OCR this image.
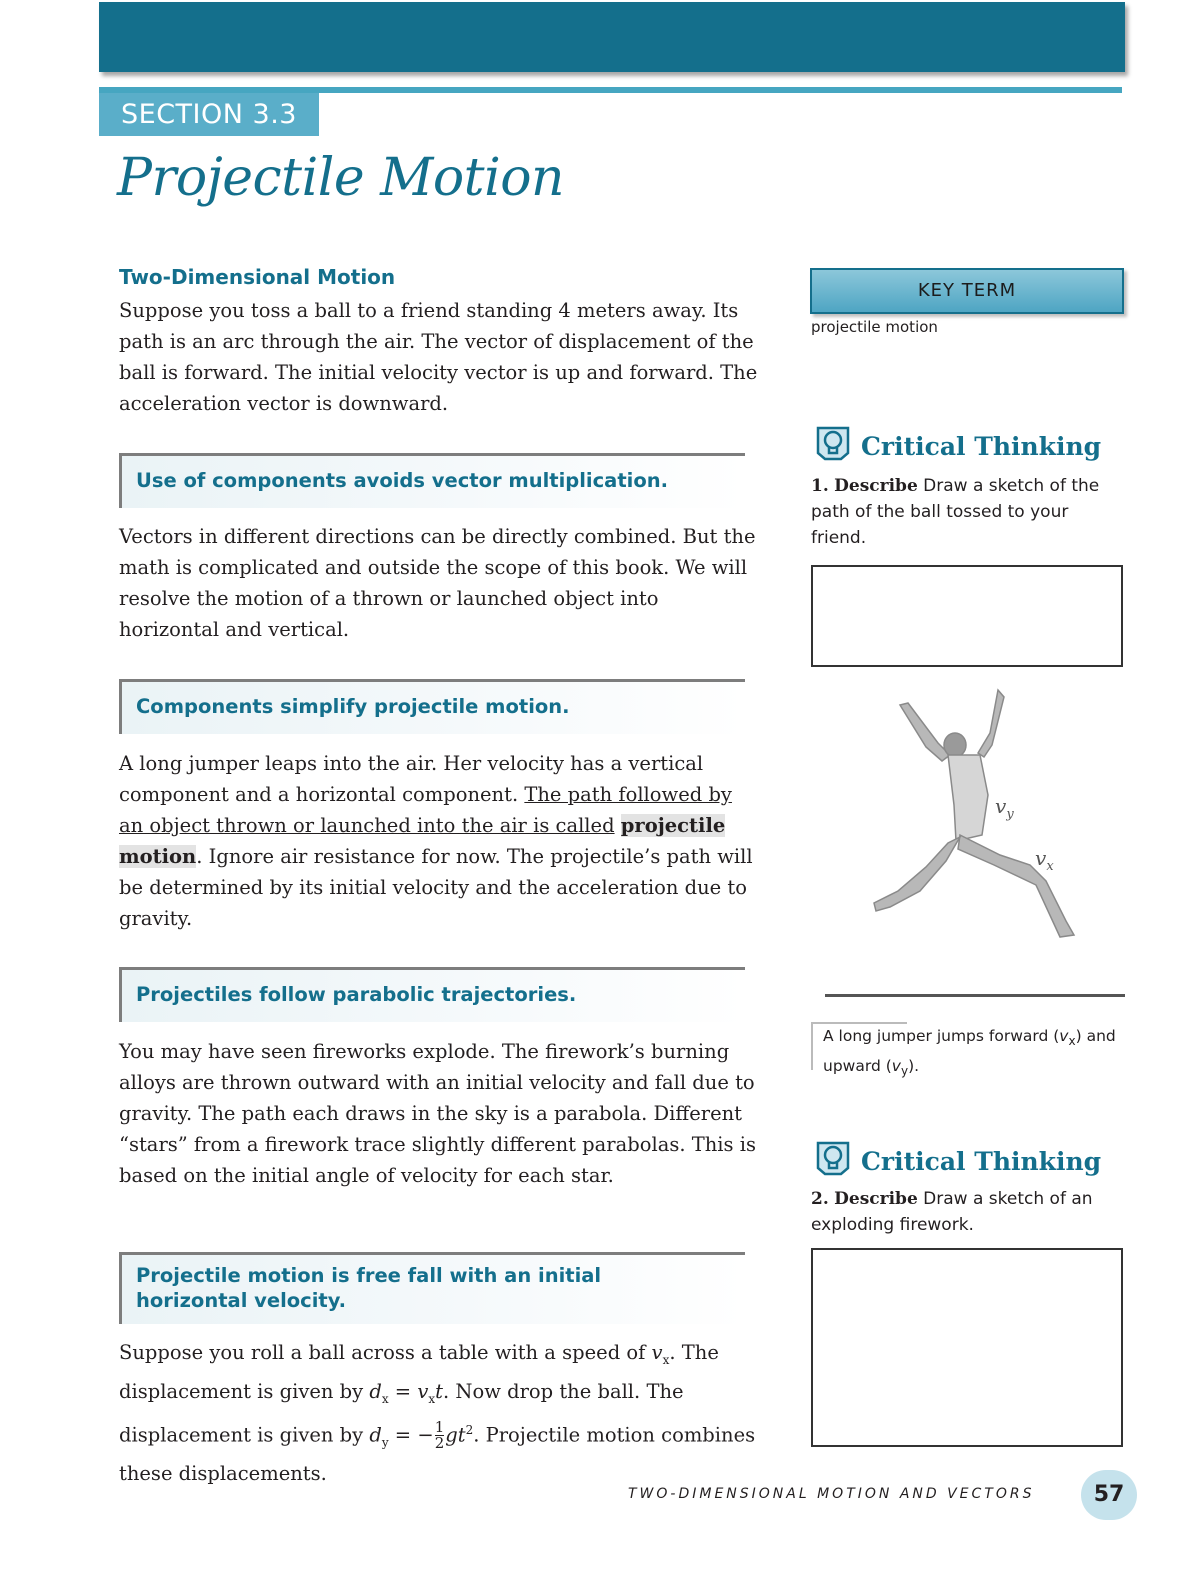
SECTION 3.3
Projectile Motion
Two-Dimensional Motion

Suppose you toss a ball to a friend standing 4 meters away. Its path is an arc through the air. The vector of displacement of the ball is forward. The initial velocity vector is up and forward. The acceleration vector is downward.

Use of components avoids vector multiplication.

Vectors in different directions can be directly combined. But the math is complicated and outside the scope of this book. We will resolve the motion of a thrown or launched object into horizontal and vertical.

Components simplify projectile motion.

A long jumper leaps into the air. Her velocity has a vertical component and a horizontal component. The path followed by an object thrown or launched into the air is called projectile motion. Ignore air resistance for now. The projectile’s path will be determined by its initial velocity and the acceleration due to gravity.

Projectiles follow parabolic trajectories.

You may have seen fireworks explode. The firework’s burning alloys are thrown outward with an initial velocity and fall due to gravity. The path each draws in the sky is a parabola. Different “stars” from a firework trace slightly different parabolas. This is based on the initial angle of velocity for each star.

Projectile motion is free fall with an initial
horizontal velocity.

Suppose you roll a ball across a table with a speed of $v_x$. The displacement is given by $d_x = v_xt$. Now drop the ball. The displacement is given by $d_y$ = − $\frac{1}{2} gt^2$. Projectile motion combines these displacements.

KEY TERM
projectile motion
Critical Thinking
1. Describe Draw a sketch of the path of the ball tossed to your friend.
$v_y$
$v_x$
A long jumper jumps forward $(v_x)$ and upward $(v_y)$.
Critical Thinking
2. Describe Draw a sketch of an exploding firework.
TWO-DIMENSIONAL MOTION AND VECTORS	57
